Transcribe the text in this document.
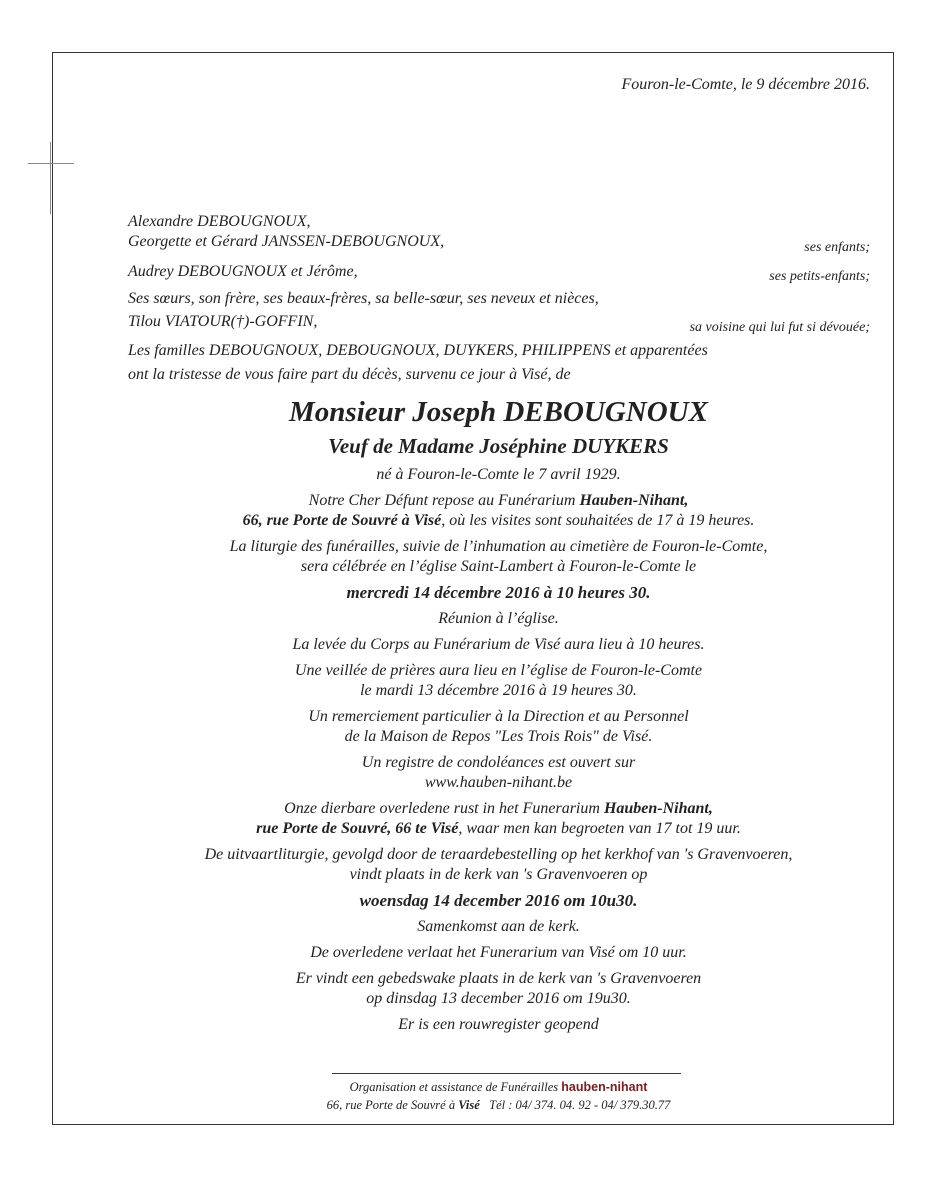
Fouron-le-Comte, le 9 décembre 2016.
Alexandre DEBOUGNOUX,
Georgette et Gérard JANSSEN-DEBOUGNOUX,	ses enfants;
Audrey DEBOUGNOUX et Jérôme,	ses petits-enfants;
Ses sœurs, son frère, ses beaux-frères, sa belle-sœur, ses neveux et nièces,
Tilou VIATOUR(†)-GOFFIN,	sa voisine qui lui fut si dévouée;
Les familles DEBOUGNOUX, DEBOUGNOUX, DUYKERS, PHILIPPENS et apparentées
ont la tristesse de vous faire part du décès, survenu ce jour à Visé, de

Monsieur Joseph DEBOUGNOUX

Veuf de Madame Joséphine DUYKERS

né à Fouron-le-Comte le 7 avril 1929.

Notre Cher Défunt repose au Funérarium Hauben-Nihant,
66, rue Porte de Souvré à Visé, où les visites sont souhaitées de 17 à 19 heures.

La liturgie des funérailles, suivie de l’inhumation au cimetière de Fouron-le-Comte,
sera célébrée en l’église Saint-Lambert à Fouron-le-Comte le

mercredi 14 décembre 2016 à 10 heures 30.

Réunion à l’église.

La levée du Corps au Funérarium de Visé aura lieu à 10 heures.

Une veillée de prières aura lieu en l’église de Fouron-le-Comte
le mardi 13 décembre 2016 à 19 heures 30.

Un remerciement particulier à la Direction et au Personnel
de la Maison de Repos "Les Trois Rois" de Visé.

Un registre de condoléances est ouvert sur
www.hauben-nihant.be

Onze dierbare overledene rust in het Funerarium Hauben-Nihant,
rue Porte de Souvré, 66 te Visé, waar men kan begroeten van 17 tot 19 uur.

De uitvaartliturgie, gevolgd door de teraardebestelling op het kerkhof van 's Gravenvoeren,
vindt plaats in de kerk van 's Gravenvoeren op

woensdag 14 december 2016 om 10u30.

Samenkomst aan de kerk.

De overledene verlaat het Funerarium van Visé om 10 uur.

Er vindt een gebedswake plaats in de kerk van 's Gravenvoeren
op dinsdag 13 december 2016 om 19u30.

Er is een rouwregister geopend

Organisation et assistance de Funérailles hauben-nihant
66, rue Porte de Souvré à Visé Tél : 04/ 374. 04. 92 - 04/ 379.30.77
